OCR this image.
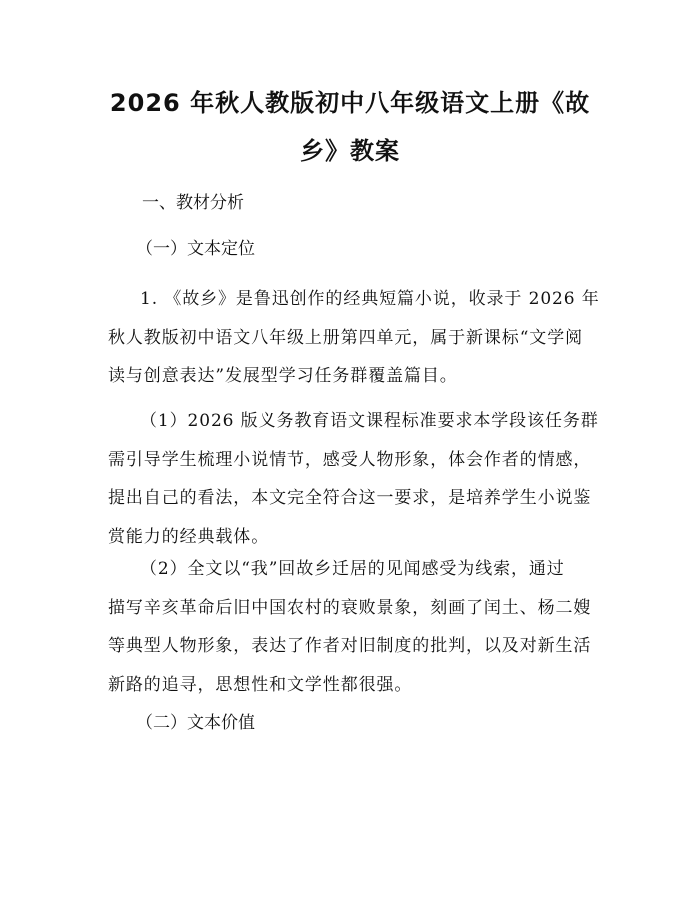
2026 年秋人教版初中八年级语文上册《故
乡》教案

一、教材分析

（一）文本定位

1. 《故乡》是鲁迅创作的经典短篇小说，收录于 2026 年
秋人教版初中语文八年级上册第四单元，属于新课标“文学阅
读与创意表达”发展型学习任务群覆盖篇目。
（1）2026 版义务教育语文课程标准要求本学段该任务群
需引导学生梳理小说情节，感受人物形象，体会作者的情感，
提出自己的看法，本文完全符合这一要求，是培养学生小说鉴
赏能力的经典载体。
（2）全文以“我”回故乡迁居的见闻感受为线索，通过
描写辛亥革命后旧中国农村的衰败景象，刻画了闰土、杨二嫂
等典型人物形象，表达了作者对旧制度的批判，以及对新生活
新路的追寻，思想性和文学性都很强。

（二）文本价值
